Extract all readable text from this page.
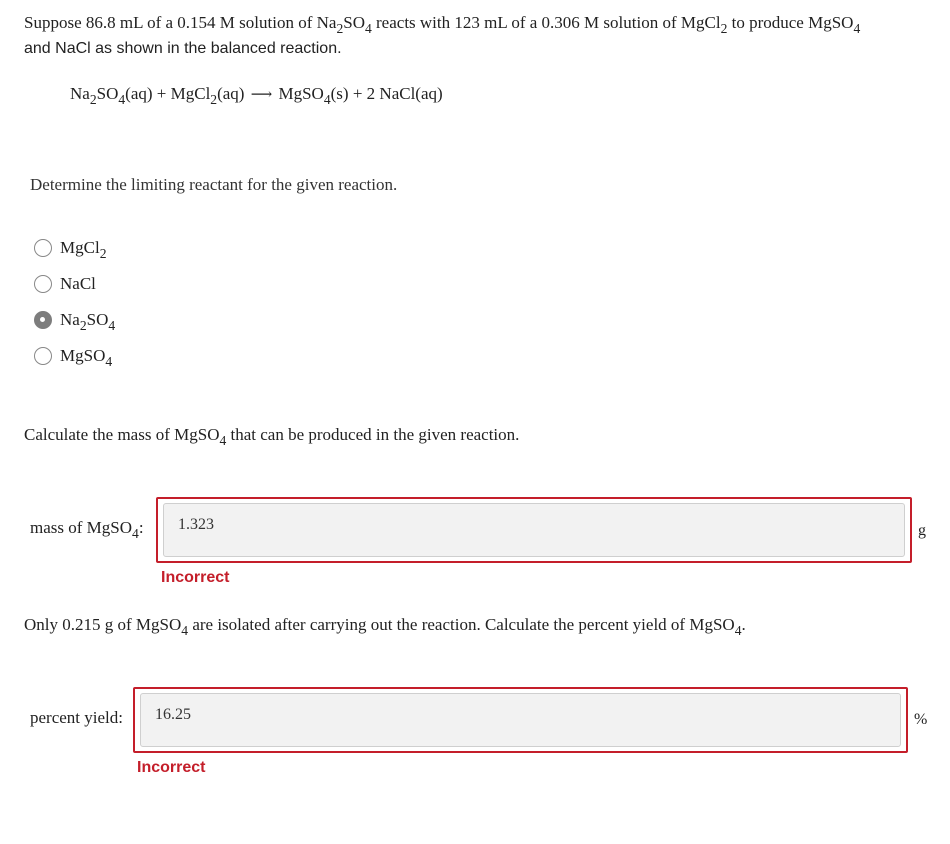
Suppose 86.8 mL of a 0.154 M solution of $Na_2SO_4$ reacts with 123 mL of a 0.306 M solution of MgCl$_2$ to produce MgSO$_4$
and NaCl as shown in the balanced reaction.
$Na_2SO_4(aq)$ + MgCl$_2$(aq) ⟶ MgSO$_4$(s) + 2 NaCl(aq)
Determine the limiting reactant for the given reaction.
MgCl$_2$
NaCl
$Na_2SO_4$
MgSO$_4$
Calculate the mass of MgSO$_4$ that can be produced in the given reaction.
mass of MgSO$_4$:	1.323	g
Incorrect
Only 0.215 g of MgSO$_4$ are isolated after carrying out the reaction. Calculate the percent yield of MgSO$_4$.
percent yield:	16.25	%
Incorrect
